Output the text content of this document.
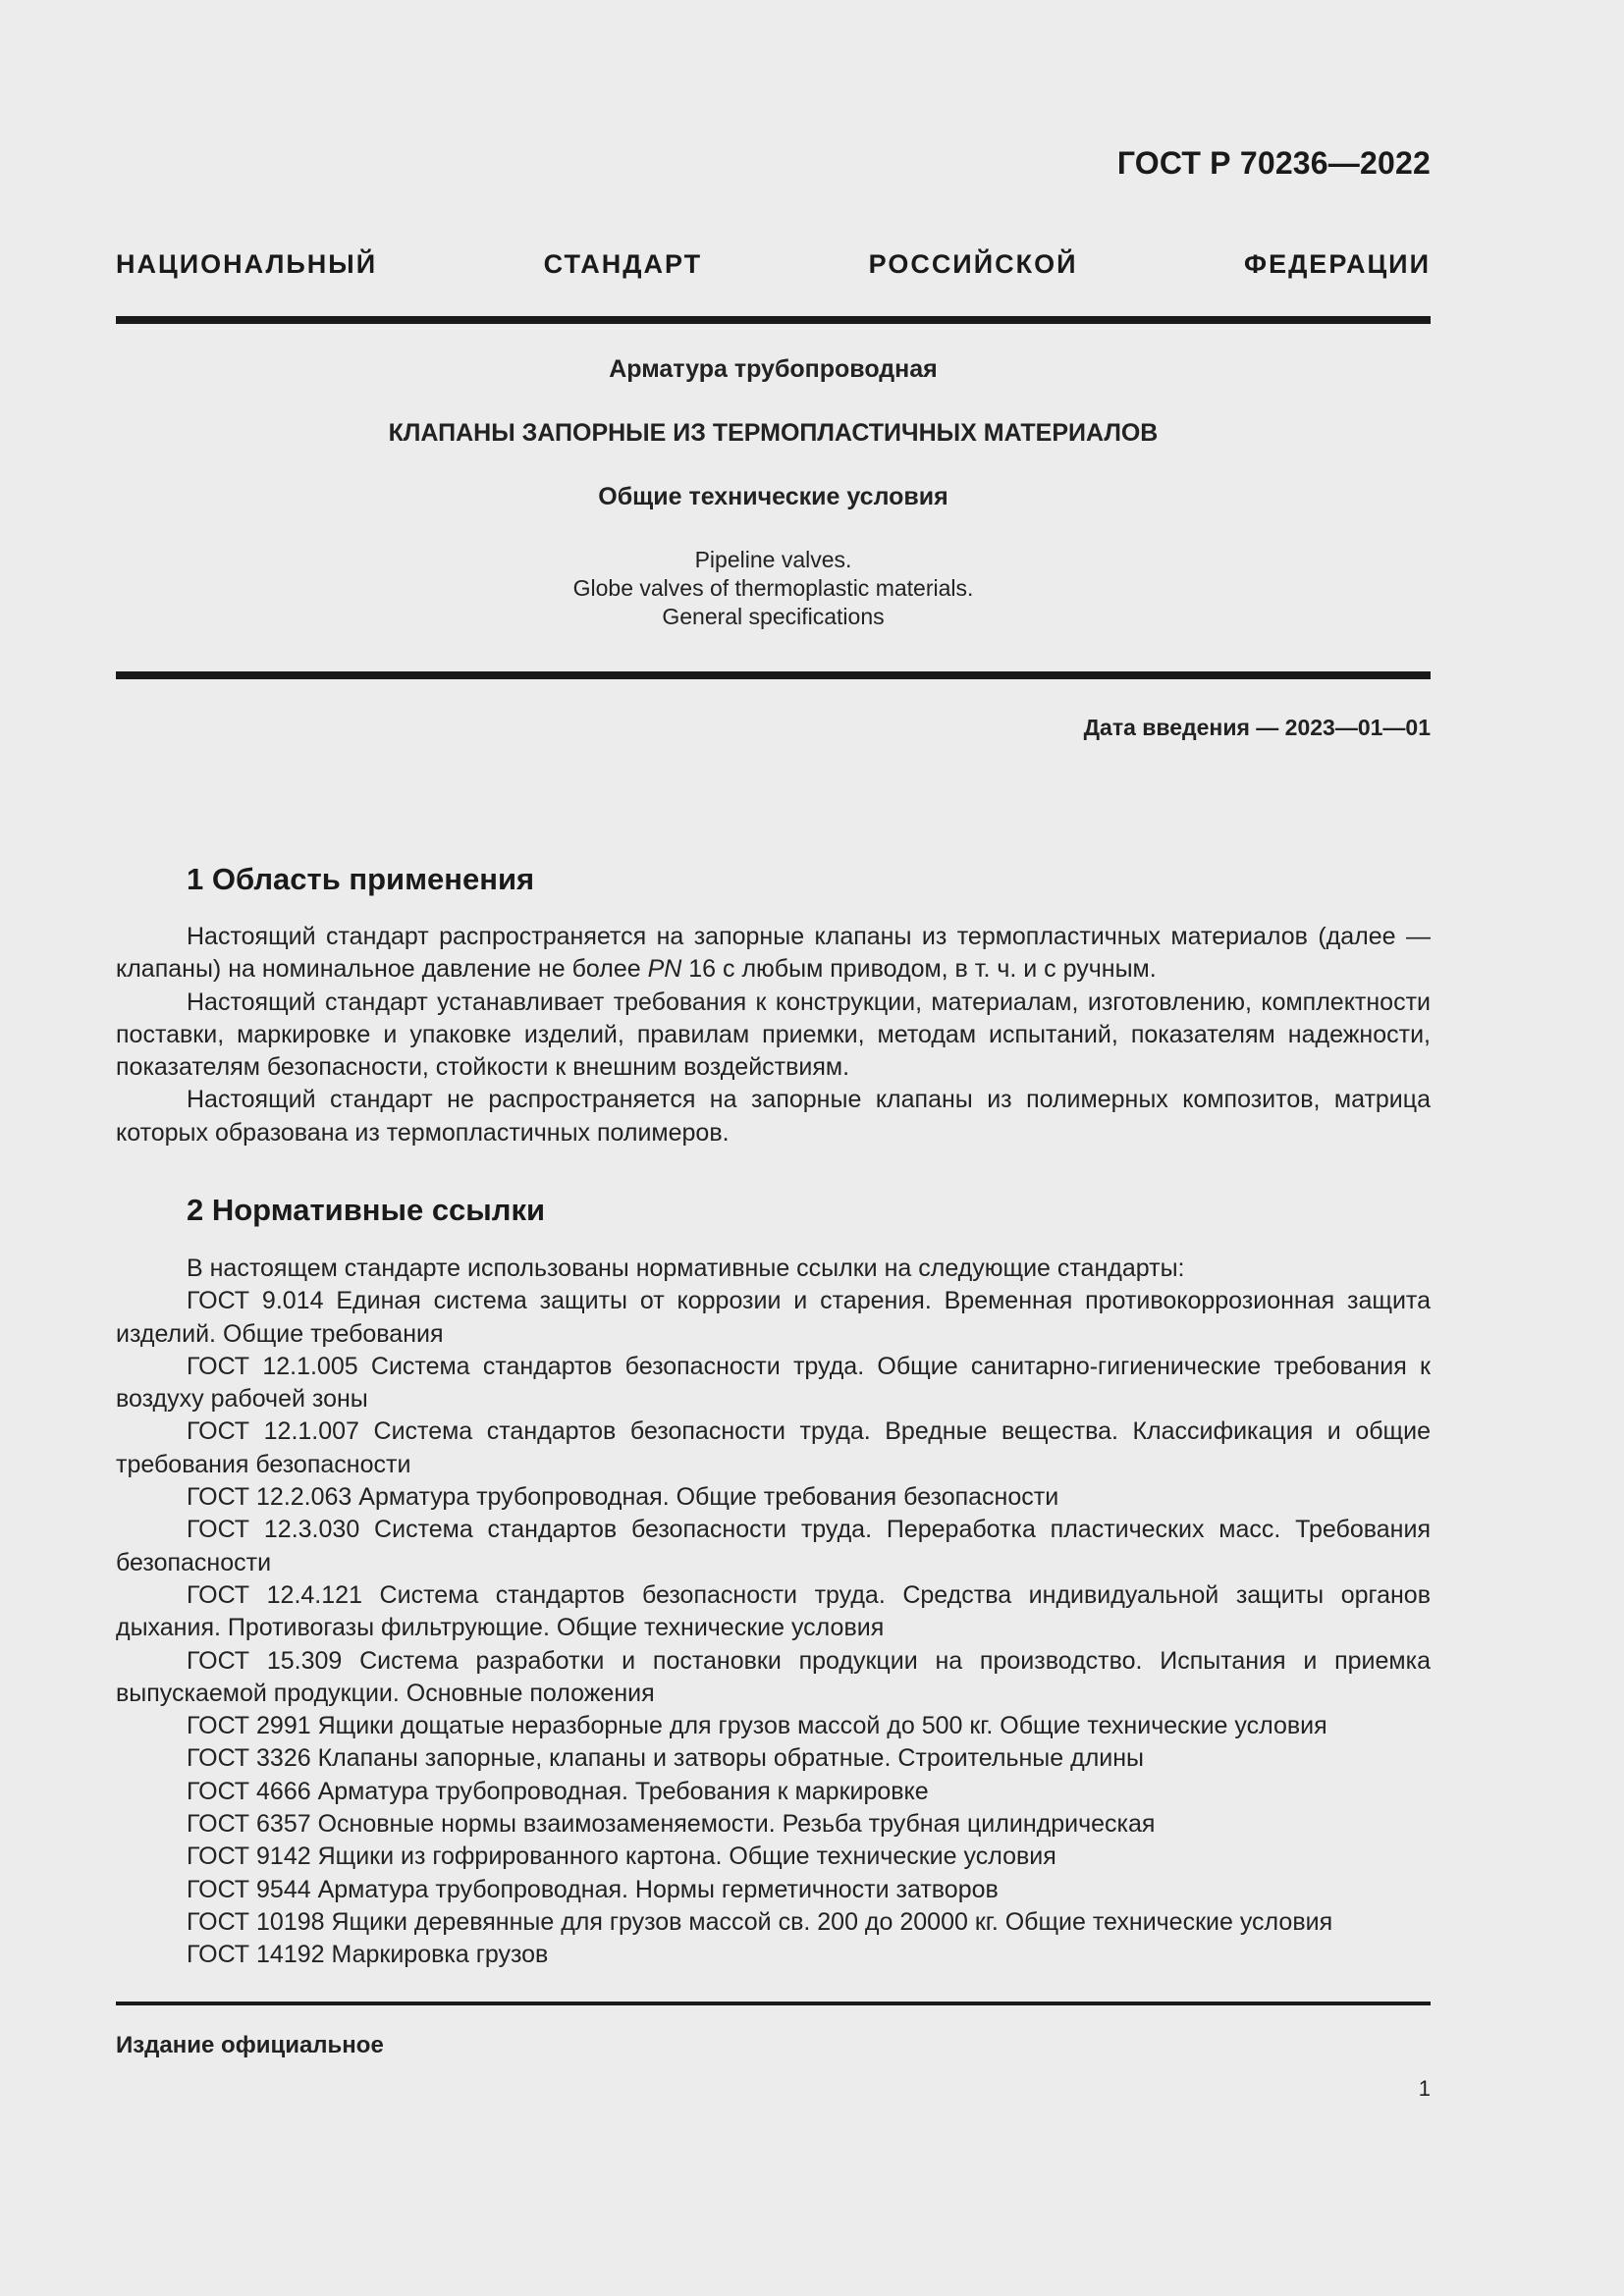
ГОСТ Р 70236—2022
НАЦИОНАЛЬНЫЙ СТАНДАРТ РОССИЙСКОЙ ФЕДЕРАЦИИ
Арматура трубопроводная
КЛАПАНЫ ЗАПОРНЫЕ ИЗ ТЕРМОПЛАСТИЧНЫХ МАТЕРИАЛОВ
Общие технические условия
Pipeline valves.
Globe valves of thermoplastic materials.
General specifications
Дата введения — 2023—01—01
1 Область применения

Настоящий стандарт распространяется на запорные клапаны из термопластичных материалов (далее — клапаны) на номинальное давление не более PN 16 с любым приводом, в т. ч. и с ручным.

Настоящий стандарт устанавливает требования к конструкции, материалам, изготовлению, комплектности поставки, маркировке и упаковке изделий, правилам приемки, методам испытаний, показателям надежности, показателям безопасности, стойкости к внешним воздействиям.

Настоящий стандарт не распространяется на запорные клапаны из полимерных композитов, матрица которых образована из термопластичных полимеров.

2 Нормативные ссылки

В настоящем стандарте использованы нормативные ссылки на следующие стандарты:

ГОСТ 9.014 Единая система защиты от коррозии и старения. Временная противокоррозионная защита изделий. Общие требования

ГОСТ 12.1.005 Система стандартов безопасности труда. Общие санитарно-гигиенические требования к воздуху рабочей зоны

ГОСТ 12.1.007 Система стандартов безопасности труда. Вредные вещества. Классификация и общие требования безопасности

ГОСТ 12.2.063 Арматура трубопроводная. Общие требования безопасности

ГОСТ 12.3.030 Система стандартов безопасности труда. Переработка пластических масс. Требования безопасности

ГОСТ 12.4.121 Система стандартов безопасности труда. Средства индивидуальной защиты органов дыхания. Противогазы фильтрующие. Общие технические условия

ГОСТ 15.309 Система разработки и постановки продукции на производство. Испытания и приемка выпускаемой продукции. Основные положения

ГОСТ 2991 Ящики дощатые неразборные для грузов массой до 500 кг. Общие технические условия

ГОСТ 3326 Клапаны запорные, клапаны и затворы обратные. Строительные длины

ГОСТ 4666 Арматура трубопроводная. Требования к маркировке

ГОСТ 6357 Основные нормы взаимозаменяемости. Резьба трубная цилиндрическая

ГОСТ 9142 Ящики из гофрированного картона. Общие технические условия

ГОСТ 9544 Арматура трубопроводная. Нормы герметичности затворов

ГОСТ 10198 Ящики деревянные для грузов массой св. 200 до 20000 кг. Общие технические условия

ГОСТ 14192 Маркировка грузов

Издание официальное
1
